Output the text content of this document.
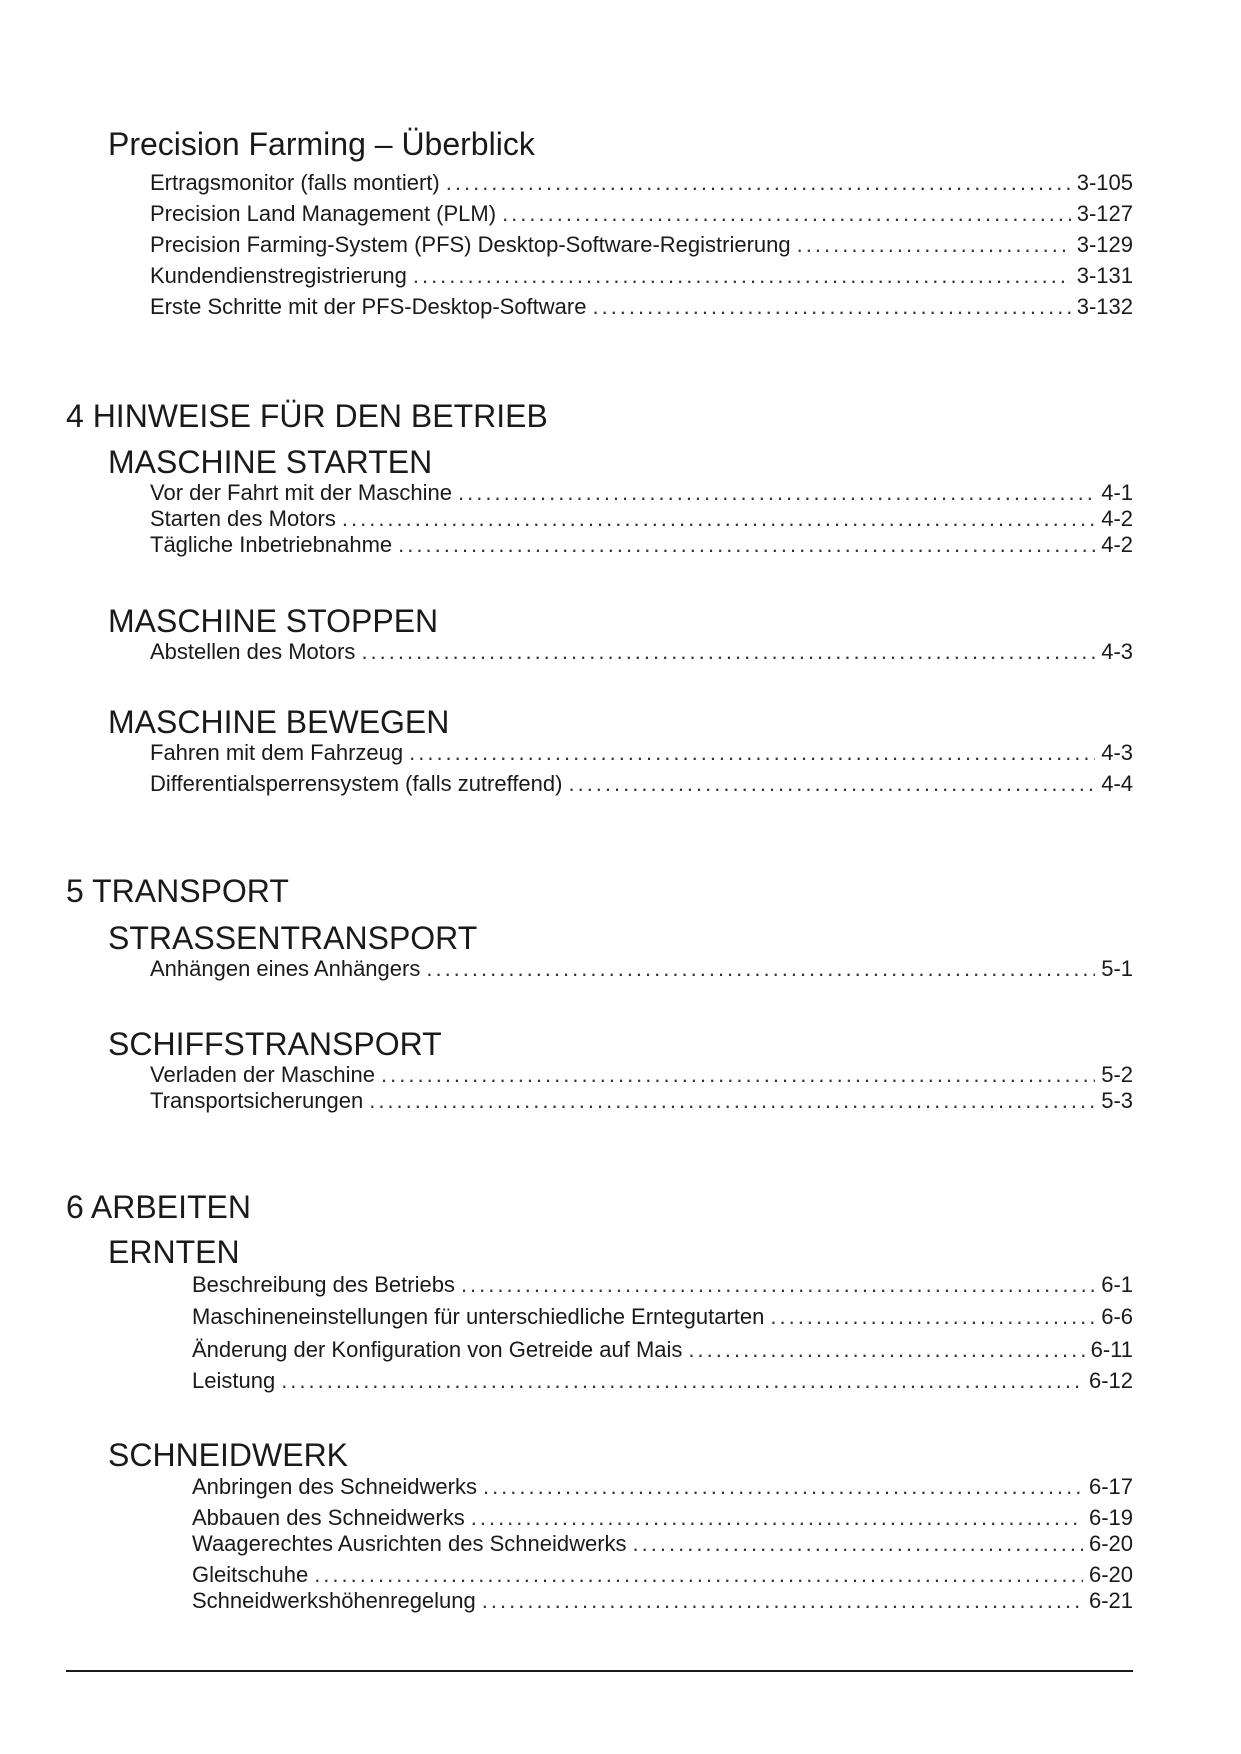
Precision Farming – Überblick
Ertragsmonitor (falls montiert) .....	3-105
Precision Land Management (PLM) .....	3-127
Precision Farming-System (PFS) Desktop-Software-Registrierung .....	3-129
Kundendienstregistrierung .....	3-131
Erste Schritte mit der PFS-Desktop-Software .....	3-132
4 HINWEISE FÜR DEN BETRIEB
MASCHINE STARTEN
Vor der Fahrt mit der Maschine .....	4-1
Starten des Motors .....	4-2
Tägliche Inbetriebnahme .....	4-2
MASCHINE STOPPEN
Abstellen des Motors .....	4-3
MASCHINE BEWEGEN
Fahren mit dem Fahrzeug .....	4-3
Differentialsperrensystem (falls zutreffend) .....	4-4
5 TRANSPORT
STRASSENTRANSPORT
Anhängen eines Anhängers .....	5-1
SCHIFFSTRANSPORT
Verladen der Maschine .....	5-2
Transportsicherungen .....	5-3
6 ARBEITEN
ERNTEN
Beschreibung des Betriebs .....	6-1
Maschineneinstellungen für unterschiedliche Erntegutarten .....	6-6
Änderung der Konfiguration von Getreide auf Mais .....	6-11
Leistung .....	6-12
SCHNEIDWERK
Anbringen des Schneidwerks .....	6-17
Abbauen des Schneidwerks .....	6-19
Waagerechtes Ausrichten des Schneidwerks .....	6-20
Gleitschuhe .....	6-20
Schneidwerkshöhenregelung .....	6-21
